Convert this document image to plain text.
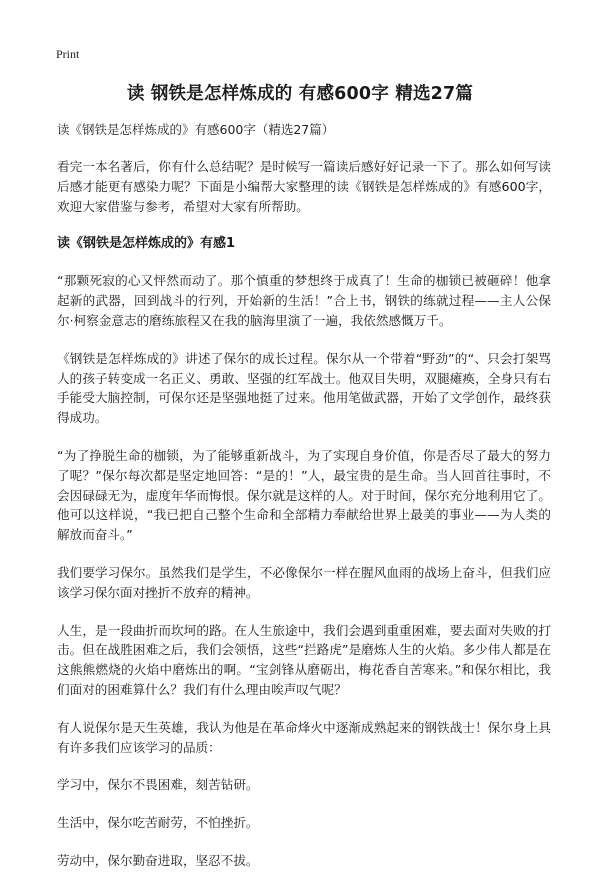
Print
读 钢铁是怎样炼成的 有感600字 精选27篇
读《钢铁是怎样炼成的》有感600字（精选27篇）

看完一本名著后，你有什么总结呢？是时候写一篇读后感好好记录一下了。那么如何写读后感才能更有感染力呢？下面是小编帮大家整理的读《钢铁是怎样炼成的》有感600字，欢迎大家借鉴与参考，希望对大家有所帮助。

读《钢铁是怎样炼成的》有感1

“那颗死寂的心又怦然而动了。那个慎重的梦想终于成真了！生命的枷锁已被砸碎！他拿起新的武器，回到战斗的行列，开始新的生活！”合上书，钢铁的练就过程——主人公保尔·柯察金意志的磨练旅程又在我的脑海里演了一遍，我依然感慨万千。

《钢铁是怎样炼成的》讲述了保尔的成长过程。保尔从一个带着“野劲”的“、只会打架骂人的孩子转变成一名正义、勇敢、坚强的红军战士。他双目失明，双腿瘫痪，全身只有右手能受大脑控制，可保尔还是坚强地挺了过来。他用笔做武器，开始了文学创作，最终获得成功。

“为了挣脱生命的枷锁，为了能够重新战斗，为了实现自身价值，你是否尽了最大的努力了呢？”保尔每次都是坚定地回答：“是的！”人，最宝贵的是生命。当人回首往事时，不会因碌碌无为，虚度年华而悔恨。保尔就是这样的人。对于时间，保尔充分地利用它了。他可以这样说，“我已把自己整个生命和全部精力奉献给世界上最美的事业——为人类的解放而奋斗。”

我们要学习保尔。虽然我们是学生，不必像保尔一样在腥风血雨的战场上奋斗，但我们应该学习保尔面对挫折不放弃的精神。

人生，是一段曲折而坎坷的路。在人生旅途中，我们会遇到重重困难，要去面对失败的打击。但在战胜困难之后，我们会领悟，这些“拦路虎”是磨炼人生的火焰。多少伟人都是在这熊熊燃烧的火焰中磨炼出的啊。“宝剑锋从磨砺出，梅花香自苦寒来。”和保尔相比，我们面对的困难算什么？我们有什么理由唉声叹气呢？

有人说保尔是天生英雄，我认为他是在革命烽火中逐渐成熟起来的钢铁战士！保尔身上具有许多我们应该学习的品质：

学习中，保尔不畏困难，刻苦钻研。

生活中，保尔吃苦耐劳，不怕挫折。

劳动中，保尔勤奋进取，坚忍不拔。
